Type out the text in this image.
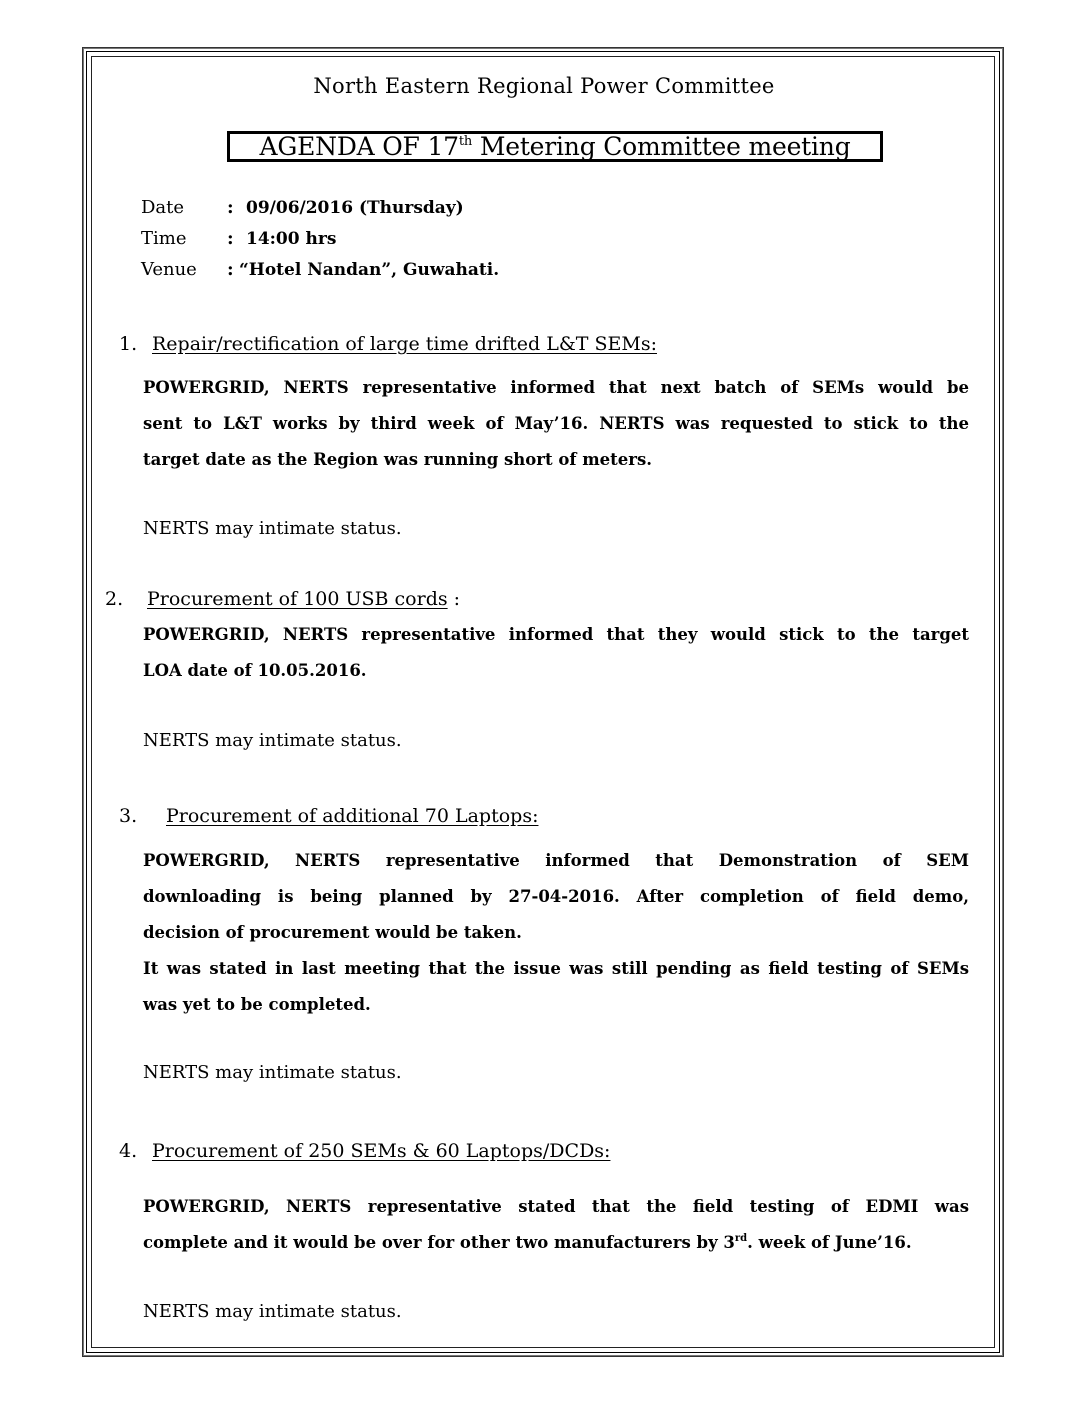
North Eastern Regional Power Committee
AGENDA OF 17th Metering Committee meeting
Date : 09/06/2016 (Thursday)
Time : 14:00 hrs
Venue : “Hotel Nandan”, Guwahati.
1. Repair/rectification of large time drifted L&T SEMs:
POWERGRID, NERTS representative informed that next batch of SEMs would be
sent to L&T works by third week of May’16. NERTS was requested to stick to the
target date as the Region was running short of meters.
NERTS may intimate status.
2. Procurement of 100 USB cords :
POWERGRID, NERTS representative informed that they would stick to the target
LOA date of 10.05.2016.
NERTS may intimate status.
3. Procurement of additional 70 Laptops:
POWERGRID, NERTS representative informed that Demonstration of SEM
downloading is being planned by 27-04-2016. After completion of field demo,
decision of procurement would be taken.
It was stated in last meeting that the issue was still pending as field testing of SEMs
was yet to be completed.
NERTS may intimate status.
4. Procurement of 250 SEMs & 60 Laptops/DCDs:
POWERGRID, NERTS representative stated that the field testing of EDMI was
complete and it would be over for other two manufacturers by 3rd. week of June’16.
NERTS may intimate status.
